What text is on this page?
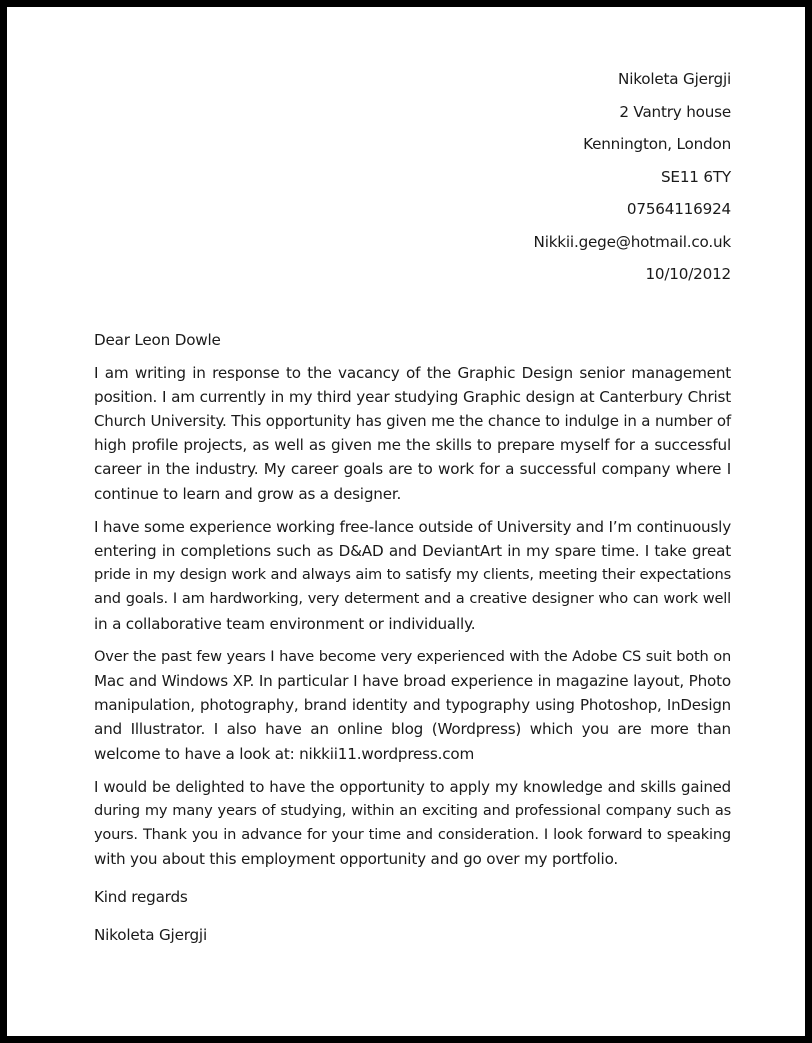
Nikoleta Gjergji
2 Vantry house
Kennington, London
SE11 6TY
07564116924
Nikkii.gege@hotmail.co.uk
10/10/2012
Dear Leon Dowle
I am writing in response to the vacancy of the Graphic Design senior management
position. I am currently in my third year studying Graphic design at Canterbury Christ
Church University. This opportunity has given me the chance to indulge in a number of
high profile projects, as well as given me the skills to prepare myself for a successful
career in the industry. My career goals are to work for a successful company where I
continue to learn and grow as a designer.
I have some experience working free-lance outside of University and I’m continuously
entering in completions such as D&AD and DeviantArt in my spare time. I take great
pride in my design work and always aim to satisfy my clients, meeting their expectations
and goals. I am hardworking, very determent and a creative designer who can work well
in a collaborative team environment or individually.
Over the past few years I have become very experienced with the Adobe CS suit both on
Mac and Windows XP. In particular I have broad experience in magazine layout, Photo
manipulation, photography, brand identity and typography using Photoshop, InDesign
and Illustrator. I also have an online blog (Wordpress) which you are more than
welcome to have a look at: nikkii11.wordpress.com
I would be delighted to have the opportunity to apply my knowledge and skills gained
during my many years of studying, within an exciting and professional company such as
yours. Thank you in advance for your time and consideration. I look forward to speaking
with you about this employment opportunity and go over my portfolio.
Kind regards
Nikoleta Gjergji
